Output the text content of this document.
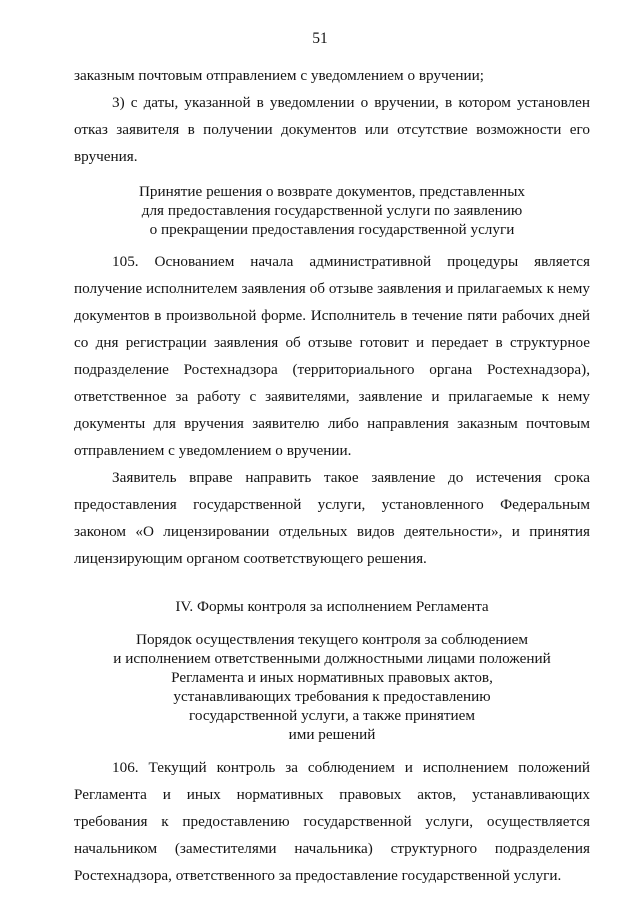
51

заказным почтовым отправлением с уведомлением о вручении;

3) с даты, указанной в уведомлении о вручении, в котором установлен отказ заявителя в получении документов или отсутствие возможности его вручения.

Принятие решения о возврате документов, представленных
для предоставления государственной услуги по заявлению
о прекращении предоставления государственной услуги

105. Основанием начала административной процедуры является получение исполнителем заявления об отзыве заявления и прилагаемых к нему документов в произвольной форме. Исполнитель в течение пяти рабочих дней со дня регистрации заявления об отзыве готовит и передает в структурное подразделение Ростехнадзора (территориального органа Ростехнадзора), ответственное за работу с заявителями, заявление и прилагаемые к нему документы для вручения заявителю либо направления заказным почтовым отправлением с уведомлением о вручении.

Заявитель вправе направить такое заявление до истечения срока предоставления государственной услуги, установленного Федеральным законом «О лицензировании отдельных видов деятельности», и принятия лицензирующим органом соответствующего решения.

IV. Формы контроля за исполнением Регламента

Порядок осуществления текущего контроля за соблюдением
и исполнением ответственными должностными лицами положений
Регламента и иных нормативных правовых актов,
устанавливающих требования к предоставлению
государственной услуги, а также принятием
ими решений

106. Текущий контроль за соблюдением и исполнением положений Регламента и иных нормативных правовых актов, устанавливающих требования к предоставлению государственной услуги, осуществляется начальником (заместителями начальника) структурного подразделения Ростехнадзора, ответственного за предоставление государственной услуги.
